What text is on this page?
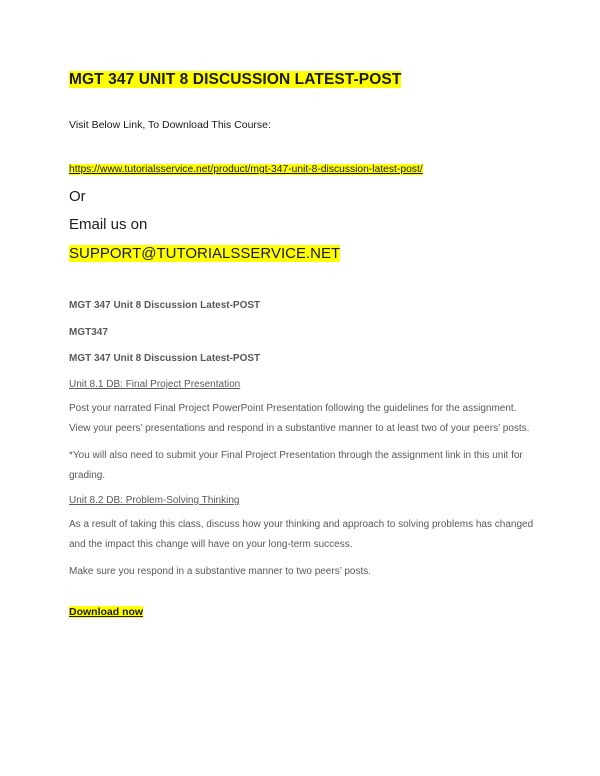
MGT 347 UNIT 8 DISCUSSION LATEST-POST
Visit Below Link, To Download This Course:
https://www.tutorialsservice.net/product/mgt-347-unit-8-discussion-latest-post/
Or
Email us on
SUPPORT@TUTORIALSSERVICE.NET
MGT 347 Unit 8 Discussion Latest-POST
MGT347
MGT 347 Unit 8 Discussion Latest-POST
Unit 8.1 DB: Final Project Presentation

Post your narrated Final Project PowerPoint Presentation following the guidelines for the assignment. View your peers’ presentations and respond in a substantive manner to at least two of your peers’ posts.

*You will also need to submit your Final Project Presentation through the assignment link in this unit for grading.

Unit 8.2 DB: Problem-Solving Thinking

As a result of taking this class, discuss how your thinking and approach to solving problems has changed and the impact this change will have on your long-term success.

Make sure you respond in a substantive manner to two peers’ posts.

Download now
